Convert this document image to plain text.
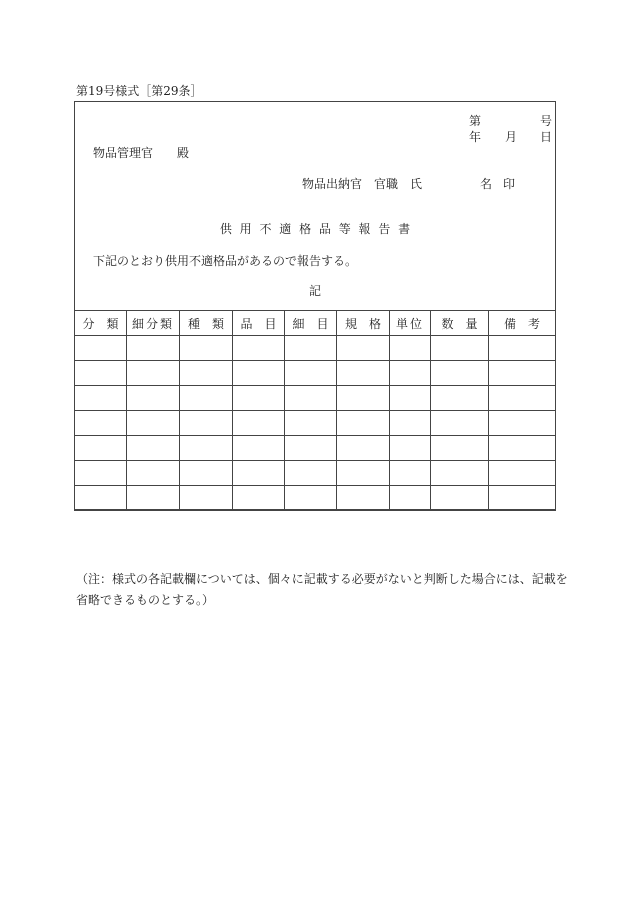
第19号様式［第29条］
第	号
年 月 日
物品管理官　　殿
物品出納官　官職　氏	名 印
供 用 不 適 格 品 等 報 告 書
下記のとおり供用不適格品があるので報告する。
記
分　類	細分類	種　類	品　目	細　目	規　格	単位	数　量	備　考

（注：様式の各記載欄については、個々に記載する必要がないと判断した場合には、記載を
省略できるものとする。）
